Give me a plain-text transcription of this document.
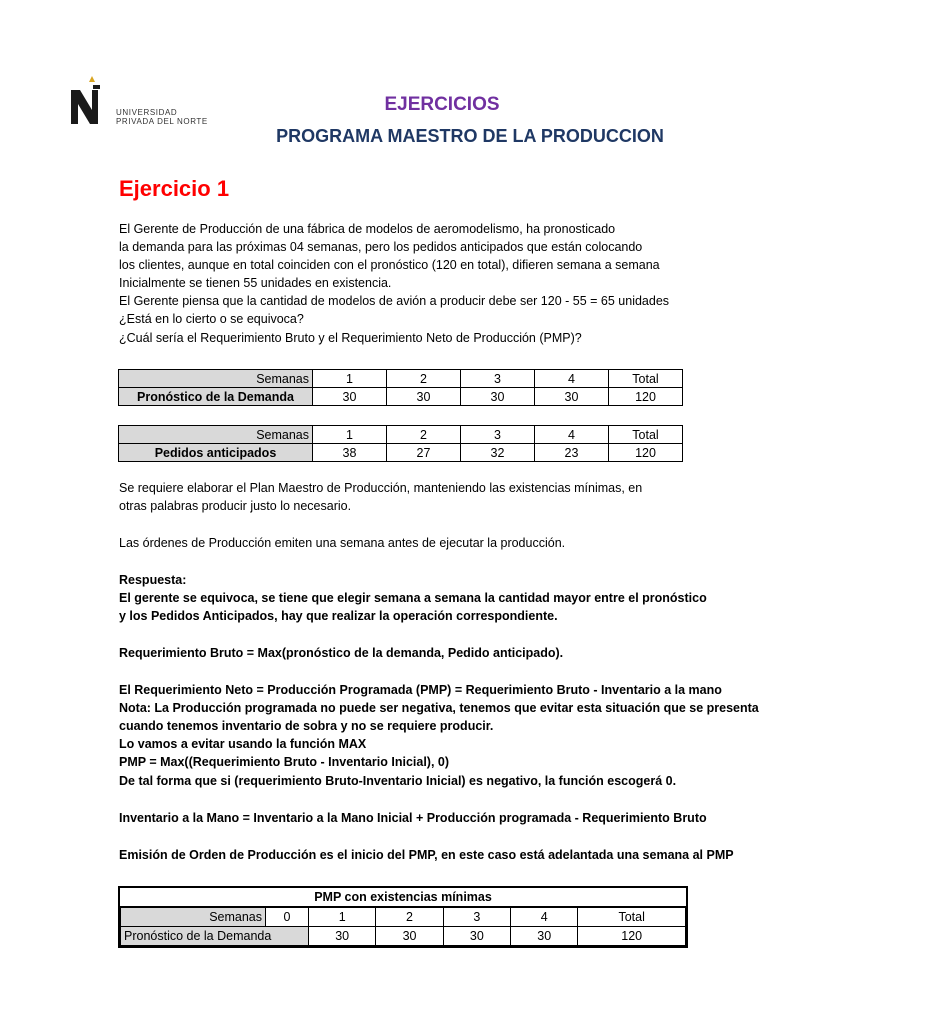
UNIVERSIDAD
PRIVADA DEL NORTE
EJERCICIOS
PROGRAMA MAESTRO DE LA PRODUCCION
Ejercicio 1
El Gerente de Producción de una fábrica de modelos de aeromodelismo, ha pronosticado
la demanda para las próximas 04 semanas, pero los pedidos anticipados que están colocando
los clientes, aunque en total coinciden con el pronóstico (120 en total), difieren semana a semana
Inicialmente se tienen 55 unidades en existencia.
El Gerente piensa que la cantidad de modelos de avión a producir debe ser 120 - 55 = 65 unidades
¿Está en lo cierto o se equivoca?
¿Cuál sería el Requerimiento Bruto y el Requerimiento Neto de Producción (PMP)?
Semanas	1	2	3	4	Total
Pronóstico de la Demanda	30	30	30	30	120
Semanas	1	2	3	4	Total
Pedidos anticipados	38	27	32	23	120
Se requiere elaborar el Plan Maestro de Producción, manteniendo las existencias mínimas, en
otras palabras producir justo lo necesario.
Las órdenes de Producción emiten una semana antes de ejecutar la producción.
Respuesta:
El gerente se equivoca, se tiene que elegir semana a semana la cantidad mayor entre el pronóstico
y los Pedidos Anticipados, hay que realizar la operación correspondiente.
Requerimiento Bruto = Max(pronóstico de la demanda, Pedido anticipado).
El Requerimiento Neto = Producción Programada (PMP) = Requerimiento Bruto - Inventario a la mano
Nota: La Producción programada no puede ser negativa, tenemos que evitar esta situación que se presenta
cuando tenemos inventario de sobra y no se requiere producir.
Lo vamos a evitar usando la función MAX
PMP = Max((Requerimiento Bruto - Inventario Inicial), 0)
De tal forma que si (requerimiento Bruto-Inventario Inicial) es negativo, la función escogerá 0.
Inventario a la Mano = Inventario a la Mano Inicial + Producción programada - Requerimiento Bruto
Emisión de Orden de Producción es el inicio del PMP, en este caso está adelantada una semana al PMP
PMP con existencias mínimas
Semanas	0	1	2	3	4	Total
Pronóstico de la Demanda		30	30	30	30	120
